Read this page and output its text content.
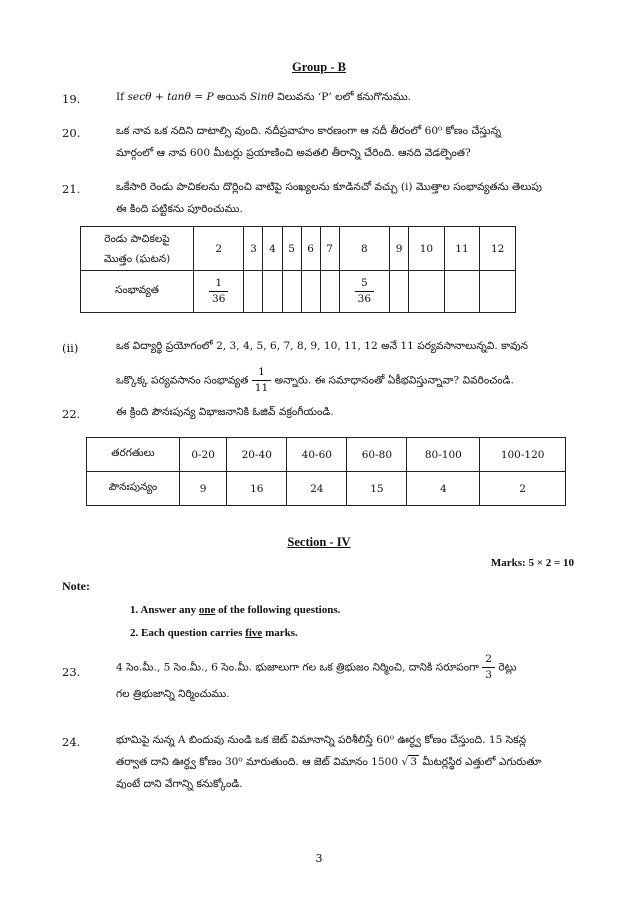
Group - B
19.	If secθ + tanθ = P అయిన Sinθ విలువను ‘P’ లలో కనుగొనుము.
20.	ఒక నావ ఒక నదిని దాటాల్సి వుంది. నదీప్రవాహం కారణంగా ఆ నదీ తీరంలో 60⁰ కోణం చేస్తున్న
మార్గంలో ఆ నావ 600 మీటర్లు ప్రయాణించి అవతలి తీరాన్ని చేరింది. ఆనది వెడల్పెంత?
21.	ఒకేసారి రెండు పాచికలను దొర్లించి వాటిపై సంఖ్యలను కూడినచో వచ్చు (i) మొత్తాల సంభావ్యతను తెలుపు
ఈ కింది పట్టికను పూరించుము.
రెండు పాచికలపై
మొత్తం (ఘటన)	2	3	4	5	6	7	8	9	10	11	12
సంభావ్యత	$\frac{1}{36}$						$\frac{5}{36}$

(ii)	ఒక విద్యార్థి ప్రయోగంలో 2, 3, 4, 5, 6, 7, 8, 9, 10, 11, 12 అనే 11 పర్యవసానాలున్నవి. కావున
ఒక్కొక్క పర్యవసానం సంభావ్యత $\frac{1}{11}$ అన్నారు. ఈ సమాధానంతో ఏకీభవిస్తున్నావా? వివరించండి.
22.	ఈ క్రింది పౌనఃపున్య విభాజనానికి ఓజివ్ వక్రంగీయండి.
తరగతులు	0-20	20-40	40-60	60-80	80-100	100-120
పౌనఃపున్యం	9	16	24	15	4	2
Section - IV
Marks: 5 × 2 = 10
Note:
1. Answer any one of the following questions.
2. Each question carries five marks.
23.	4 సెం.మీ., 5 సెం.మీ., 6 సెం.మీ. భుజాలుగా గల ఒక త్రిభుజం నిర్మించి, దానికి సరూపంగా $\frac{2}{3}$ రెట్లు
గల త్రిభుజాన్ని నిర్మించుము.
24.	భూమిపై నున్న A బిందువు నుండి ఒక జెట్ విమానాన్ని పరిశీలిస్తే 60⁰ ఊర్ధ్వ కోణం చేస్తుంది. 15 సెకన్ల
తర్వాత దాని ఊర్ధ్వ కోణం 30⁰ మారుతుంది. ఆ జెట్ విమానం 1500 √ 3 మీటర్లస్థిర ఎత్తులో ఎగురుతూ
వుంటే దాని వేగాన్ని కనుక్కోండి.
3
